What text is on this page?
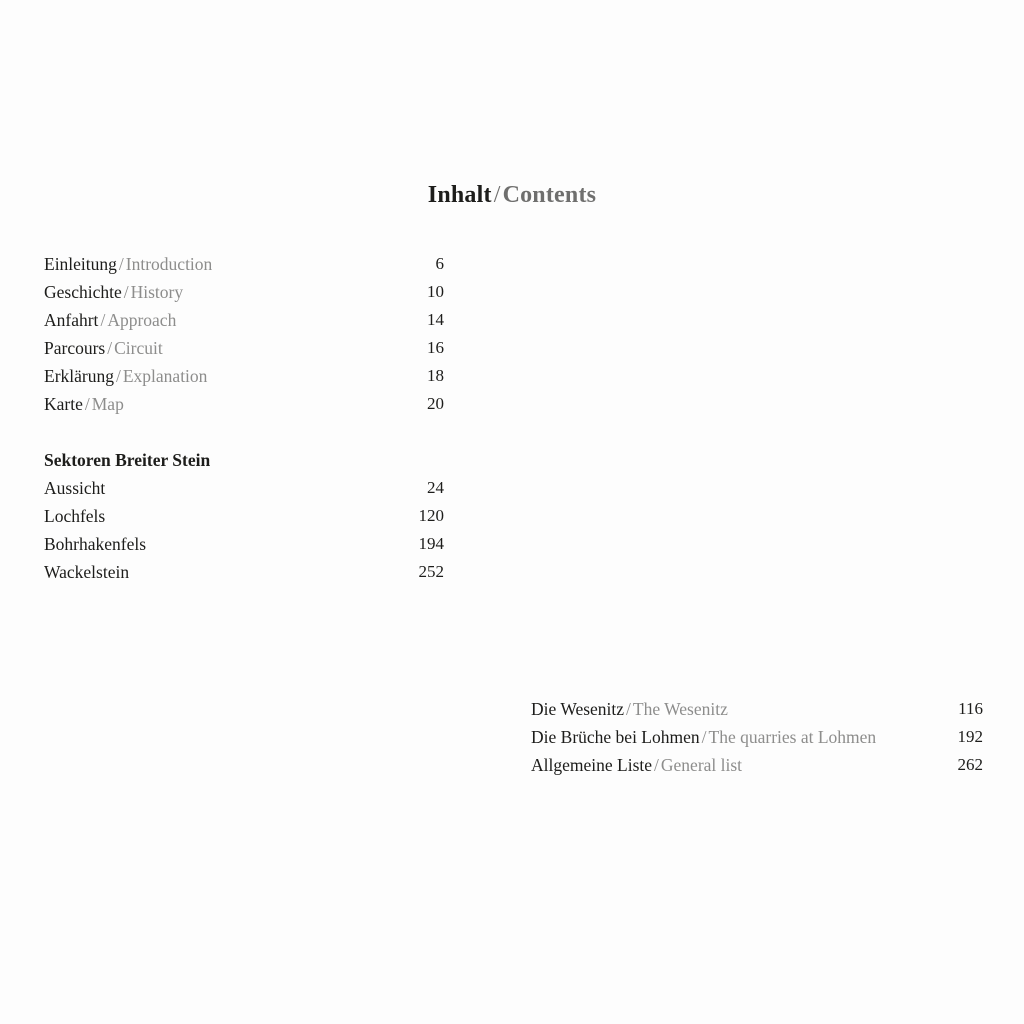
Inhalt/Contents
Einleitung / Introduction	6
Geschichte / History	10
Anfahrt / Approach	14
Parcours / Circuit	16
Erklärung / Explanation	18
Karte / Map	20
Sektoren Breiter Stein
Aussicht	24
Lochfels	120
Bohrhakenfels	194
Wackelstein	252
Die Wesenitz / The Wesenitz	116
Die Brüche bei Lohmen / The quarries at Lohmen	192
Allgemeine Liste / General list	262
